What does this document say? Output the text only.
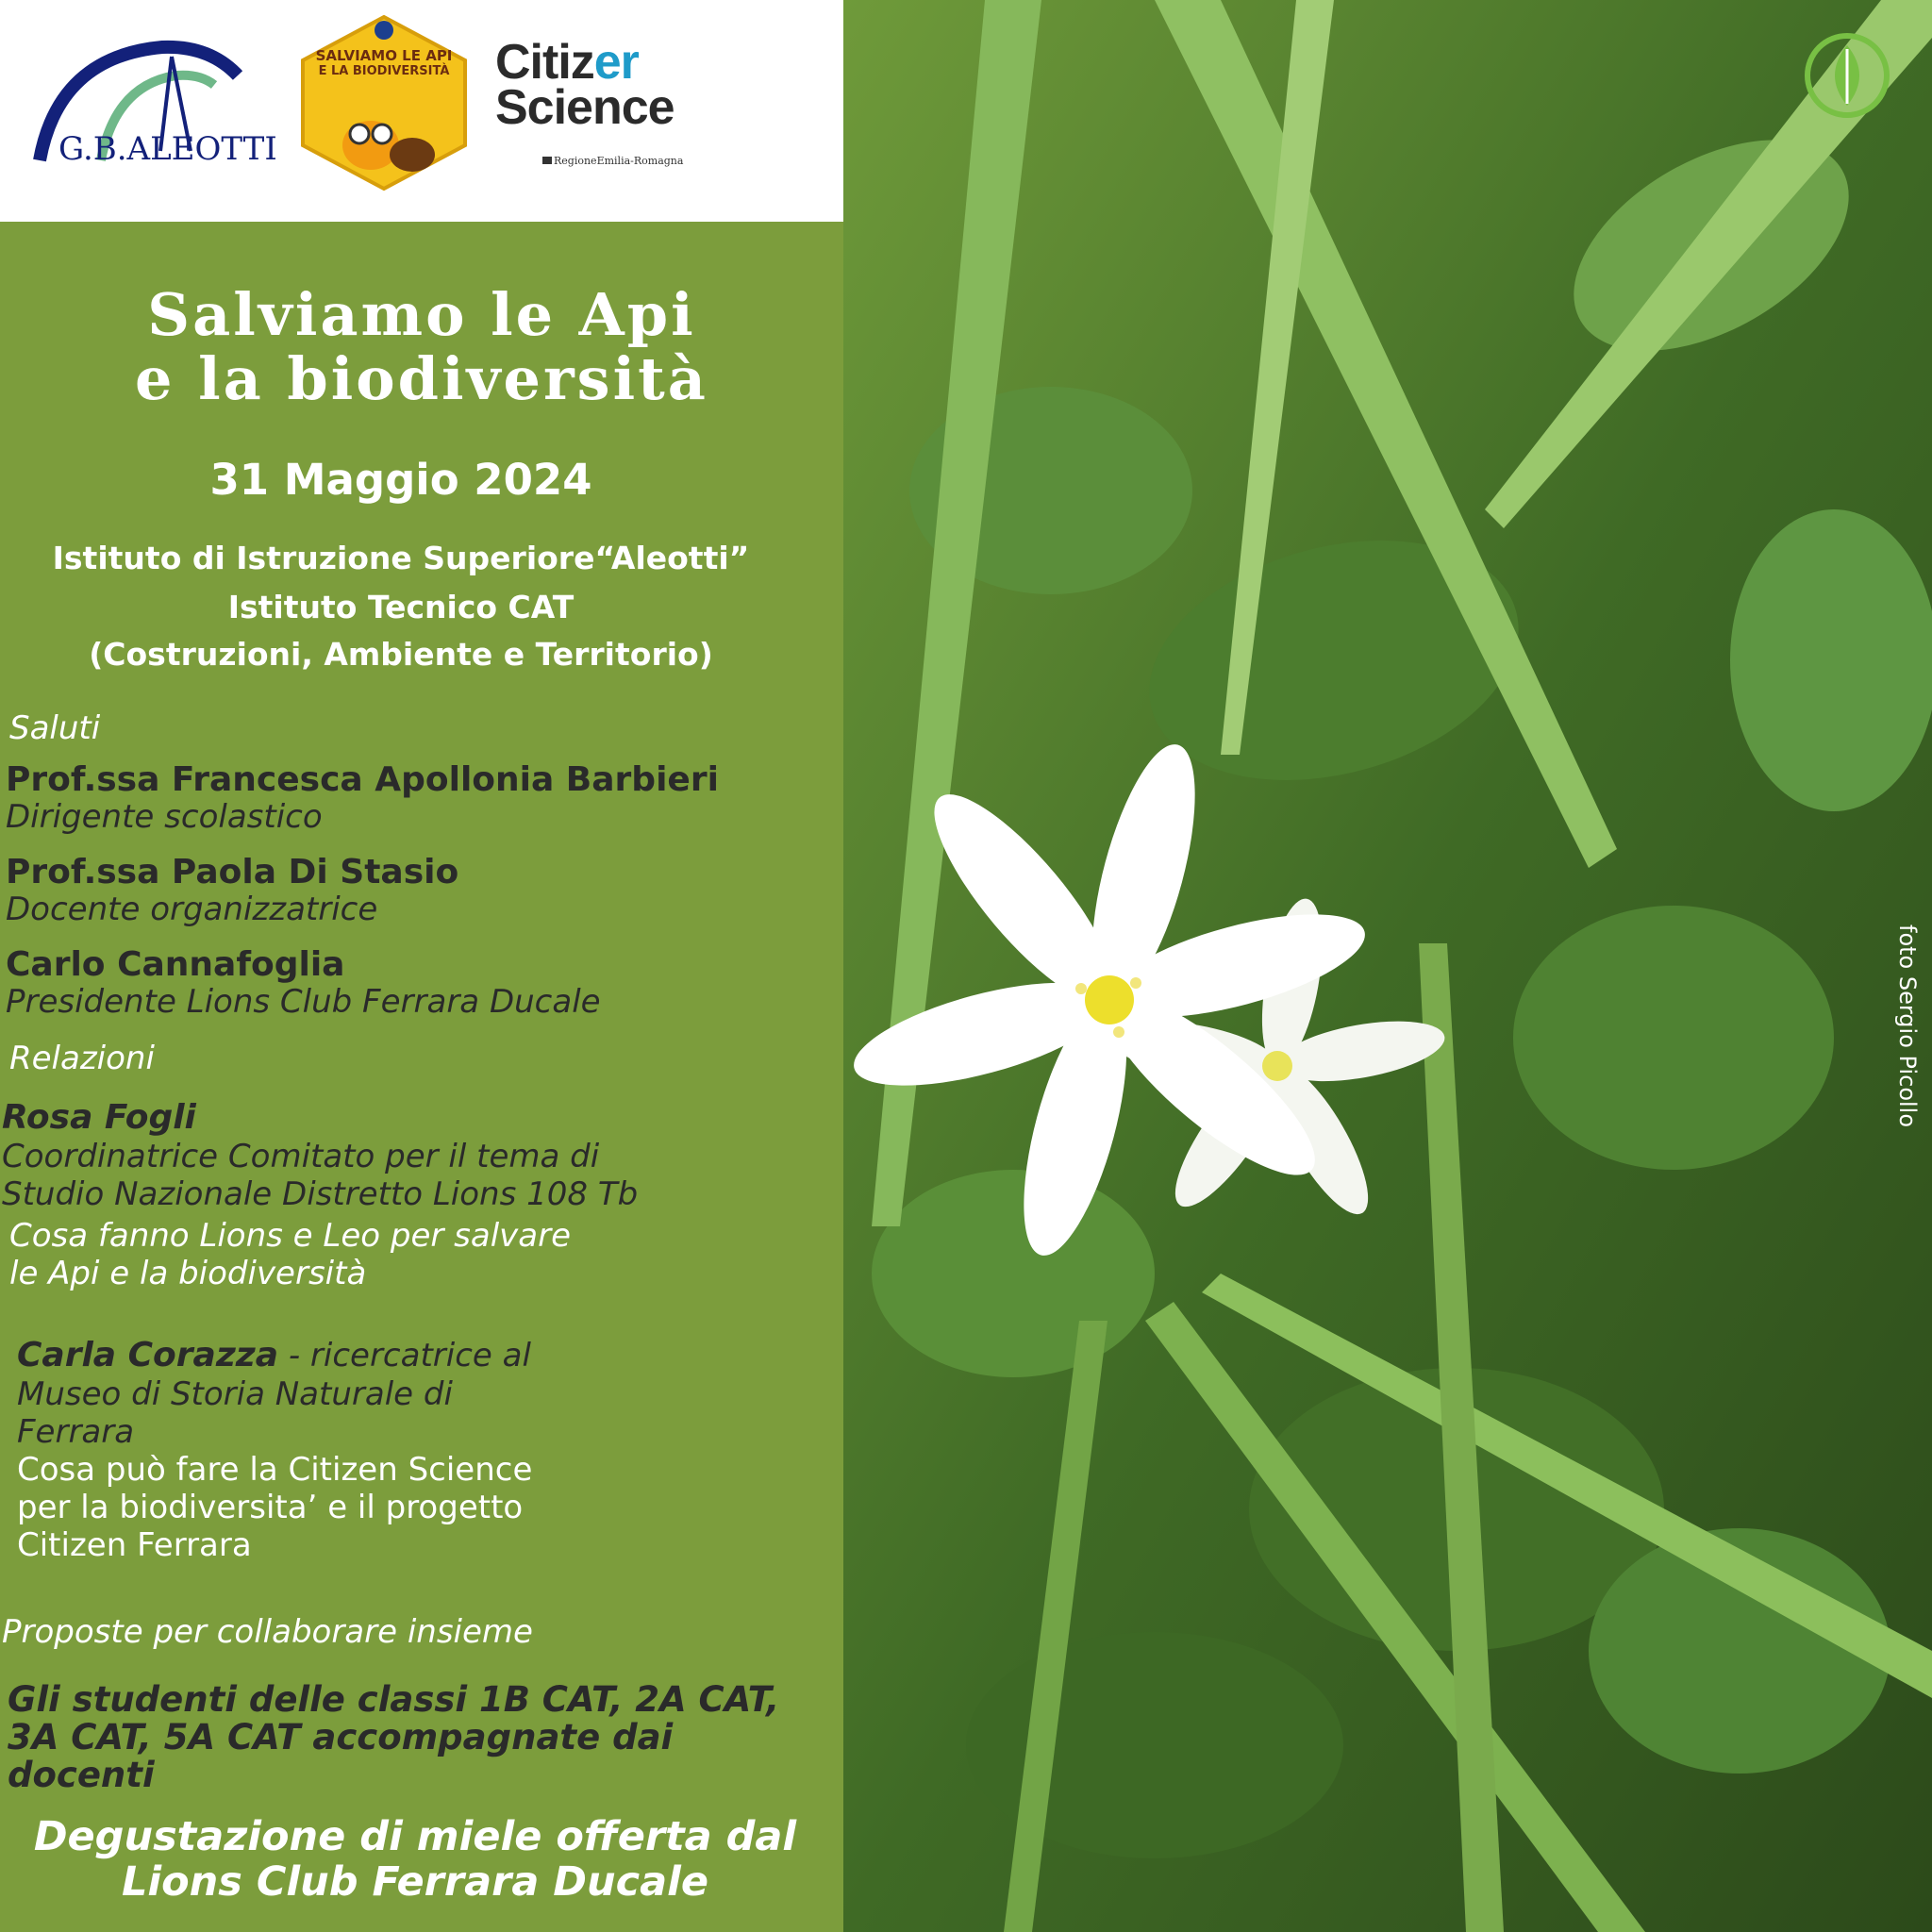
G.B.ALEOTTI
SALVIAMO LE API
E LA BIODIVERSITÀ Citizer
Science
RegioneEmilia-Romagna
Salviamo le Api
e la biodiversità
31 Maggio 2024
Istituto di Istruzione Superiore“Aleotti”
Istituto Tecnico CAT
(Costruzioni, Ambiente e Territorio)
Saluti
Prof.ssa Francesca Apollonia Barbieri
Dirigente scolastico
Prof.ssa Paola Di Stasio
Docente organizzatrice
Carlo Cannafoglia
Presidente Lions Club Ferrara Ducale
Relazioni
Rosa Fogli
Coordinatrice Comitato per il tema di
Studio Nazionale Distretto Lions 108 Tb
Cosa fanno Lions e Leo per salvare
le Api e la biodiversità
Carla Corazza - ricercatrice al
Museo di Storia Naturale di
Ferrara
Cosa può fare la Citizen Science
per la biodiversita’ e il progetto
Citizen Ferrara
Proposte per collaborare insieme
Gli studenti delle classi 1B CAT, 2A CAT,
3A CAT, 5A CAT accompagnate dai
docenti
Degustazione di miele offerta dal
Lions Club Ferrara Ducale
foto Sergio Picollo
